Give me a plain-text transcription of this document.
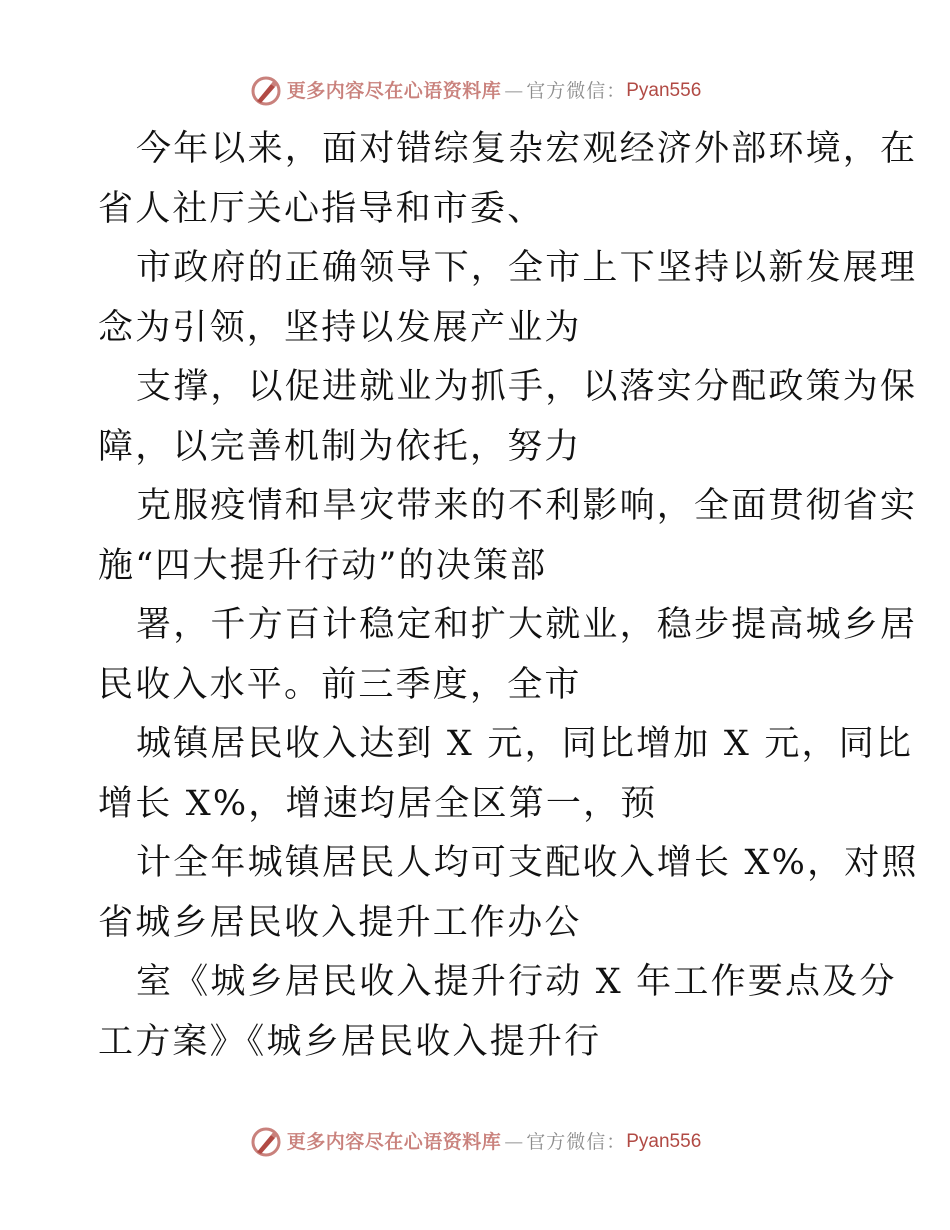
更多内容尽在心语资料库 — 官方微信： Pyan556
今年以来，面对错综复杂宏观经济外部环境，在
省人社厅关心指导和市委、
市政府的正确领导下，全市上下坚持以新发展理
念为引领，坚持以发展产业为
支撑，以促进就业为抓手，以落实分配政策为保
障，以完善机制为依托，努力
克服疫情和旱灾带来的不利影响，全面贯彻省实
施“四大提升行动”的决策部
署，千方百计稳定和扩大就业，稳步提高城乡居
民收入水平。前三季度，全市
城镇居民收入达到 X 元，同比增加 X 元，同比
增长 X%，增速均居全区第一，预
计全年城镇居民人均可支配收入增长 X%，对照
省城乡居民收入提升工作办公
室《城乡居民收入提升行动 X 年工作要点及分
工方案》《城乡居民收入提升行
更多内容尽在心语资料库 — 官方微信： Pyan556
